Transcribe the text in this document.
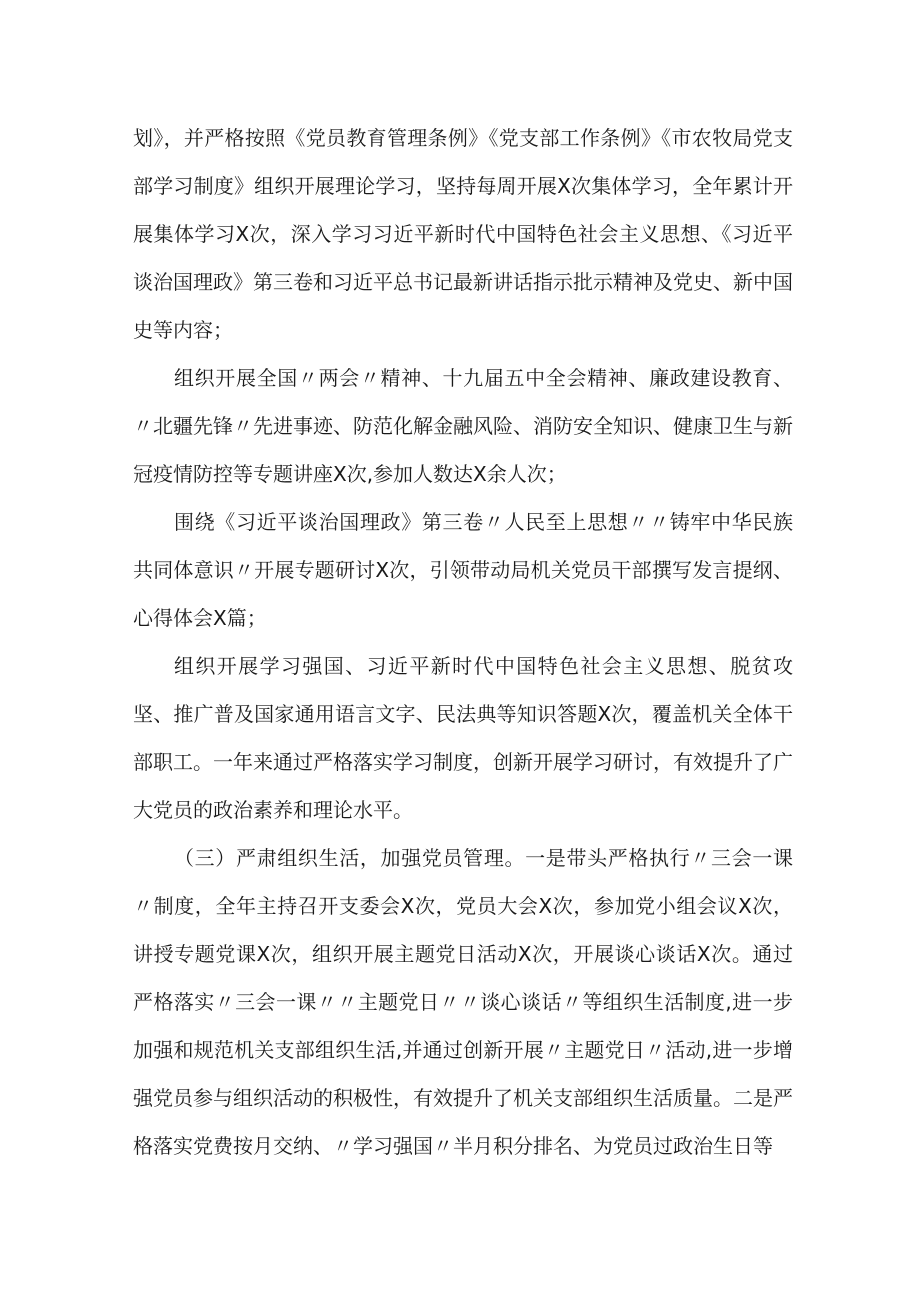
划》，并严格按照《党员教育管理条例》《党支部工作条例》《市农牧局党支部学习制度》组织开展理论学习，坚持每周开展X次集体学习，全年累计开展集体学习X次，深入学习习近平新时代中国特色社会主义思想、《习近平谈治国理政》第三卷和习近平总书记最新讲话指示批示精神及党史、新中国史等内容；

组织开展全国〃两会〃精神、十九届五中全会精神、廉政建设教育、〃北疆先锋〃先进事迹、防范化解金融风险、消防安全知识、健康卫生与新冠疫情防控等专题讲座X次,参加人数达X余人次；

围绕《习近平谈治国理政》第三卷〃人民至上思想〃〃铸牢中华民族共同体意识〃开展专题研讨X次，引领带动局机关党员干部撰写发言提纲、心得体会X篇；

组织开展学习强国、习近平新时代中国特色社会主义思想、脱贫攻坚、推广普及国家通用语言文字、民法典等知识答题X次，覆盖机关全体干部职工。一年来通过严格落实学习制度，创新开展学习研讨，有效提升了广大党员的政治素养和理论水平。

（三）严肃组织生活，加强党员管理。一是带头严格执行〃三会一课〃制度，全年主持召开支委会X次，党员大会X次，参加党小组会议X次，讲授专题党课X次，组织开展主题党日活动X次，开展谈心谈话X次。通过严格落实〃三会一课〃〃主题党日〃〃谈心谈话〃等组织生活制度,进一步加强和规范机关支部组织生活,并通过创新开展〃主题党日〃活动,进一步增强党员参与组织活动的积极性，有效提升了机关支部组织生活质量。二是严格落实党费按月交纳、〃学习强国〃半月积分排名、为党员过政治生日等
